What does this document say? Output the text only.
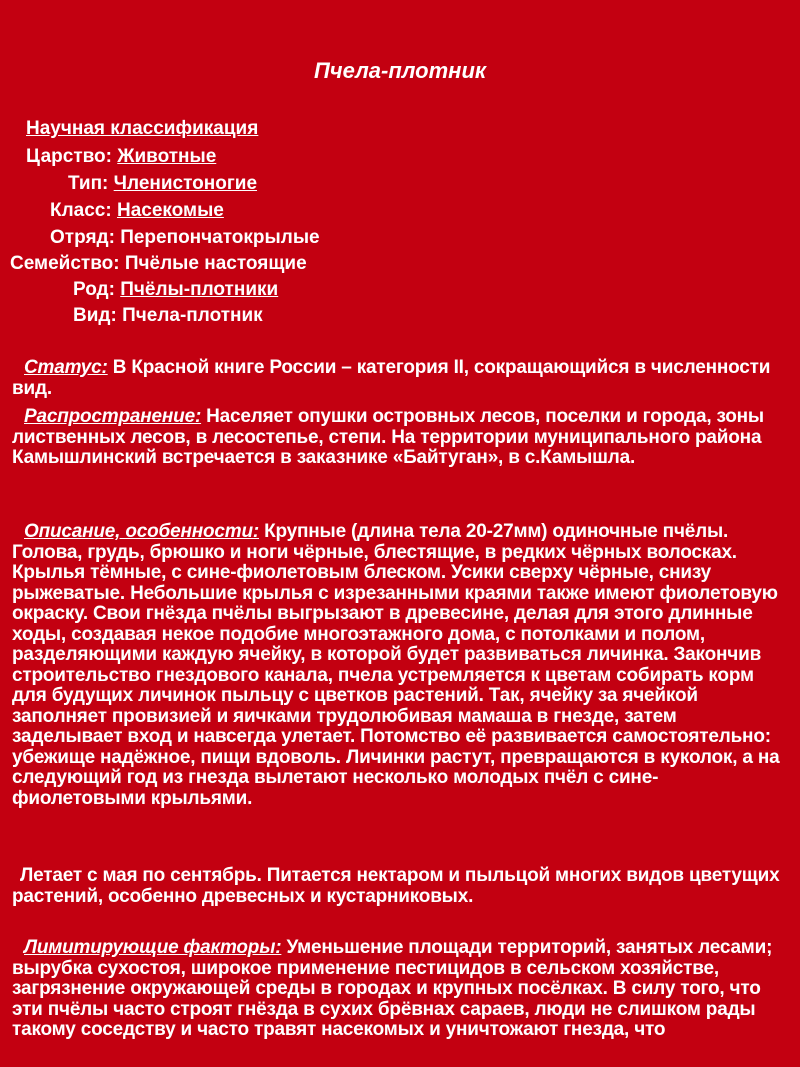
Пчела-плотник
Научная классификация
Царство: Животные
Тип: Членистоногие
Класс: Насекомые
Отряд: Перепончатокрылые
Семейство: Пчёлые настоящие
Род: Пчёлы-плотники
Вид: Пчела-плотник
Статус: В Красной книге России – категория II, сокращающийся в численности вид.
Распространение: Населяет опушки островных лесов, поселки и города, зоны лиственных лесов, в лесостепье, степи. На территории муниципального района Камышлинский встречается в заказнике «Байтуган», в с.Камышла.
Описание, особенности: Крупные (длина тела 20-27мм) одиночные пчёлы. Голова, грудь, брюшко и ноги чёрные, блестящие, в редких чёрных волосках. Крылья тёмные, с сине-фиолетовым блеском. Усики сверху чёрные, снизу рыжеватые. Небольшие крылья с изрезанными краями также имеют фиолетовую окраску. Свои гнёзда пчёлы выгрызают в древесине, делая для этого длинные ходы, создавая некое подобие многоэтажного дома, с потолками и полом, разделяющими каждую ячейку, в которой будет развиваться личинка. Закончив строительство гнездового канала, пчела устремляется к цветам собирать корм для будущих личинок пыльцу с цветков растений. Так, ячейку за ячейкой заполняет провизией и яичками трудолюбивая мамаша в гнезде, затем заделывает вход и навсегда улетает. Потомство её развивается самостоятельно: убежище надёжное, пищи вдоволь. Личинки растут, превращаются в куколок, а на следующий год из гнезда вылетают несколько молодых пчёл с сине-фиолетовыми крыльями.
Летает с мая по сентябрь. Питается нектаром и пыльцой многих видов цветущих растений, особенно древесных и кустарниковых.
Лимитирующие факторы: Уменьшение площади территорий, занятых лесами; вырубка сухостоя, широкое применение пестицидов в сельском хозяйстве, загрязнение окружающей среды в городах и крупных посёлках. В силу того, что эти пчёлы часто строят гнёзда в сухих брёвнах сараев, люди не слишком рады такому соседству и часто травят насекомых и уничтожают гнезда, что
